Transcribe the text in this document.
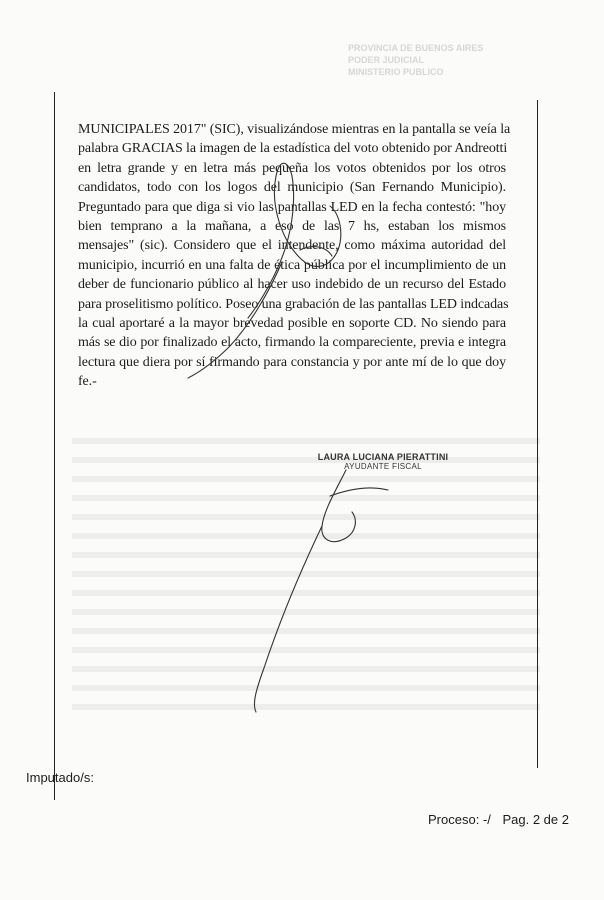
PROVINCIA DE BUENOS AIRES
PODER JUDICIAL
MINISTERIO PUBLICO
MUNICIPALES 2017" (SIC), visualizándose mientras en la pantalla se veía la
palabra GRACIAS la imagen de la estadística del voto obtenido por Andreotti
en letra grande y en letra más pequeña los votos obtenidos por los otros
candidatos, todo con los logos del municipio (San Fernando Municipio).
Preguntado para que diga si vio las pantallas LED en la fecha contestó: "hoy
bien temprano a la mañana, a eso de las 7 hs, estaban los mismos
mensajes" (sic). Considero que el intendente, como máxima autoridad del
municipio, incurrió en una falta de ética pública por el incumplimiento de un
deber de funcionario público al hacer uso indebido de un recurso del Estado
para proselitismo político. Poseo una grabación de las pantallas LED indcadas
la cual aportaré a la mayor brevedad posible en soporte CD. No siendo para
más se dio por finalizado el acto, firmando la compareciente, previa e integra
lectura que diera por sí firmando para constancia y por ante mí de lo que doy
fe.-
LAURA LUCIANA PIERATTINI
AYUDANTE FISCAL
Imputado/s:
Proceso: -/ Pag. 2 de 2
